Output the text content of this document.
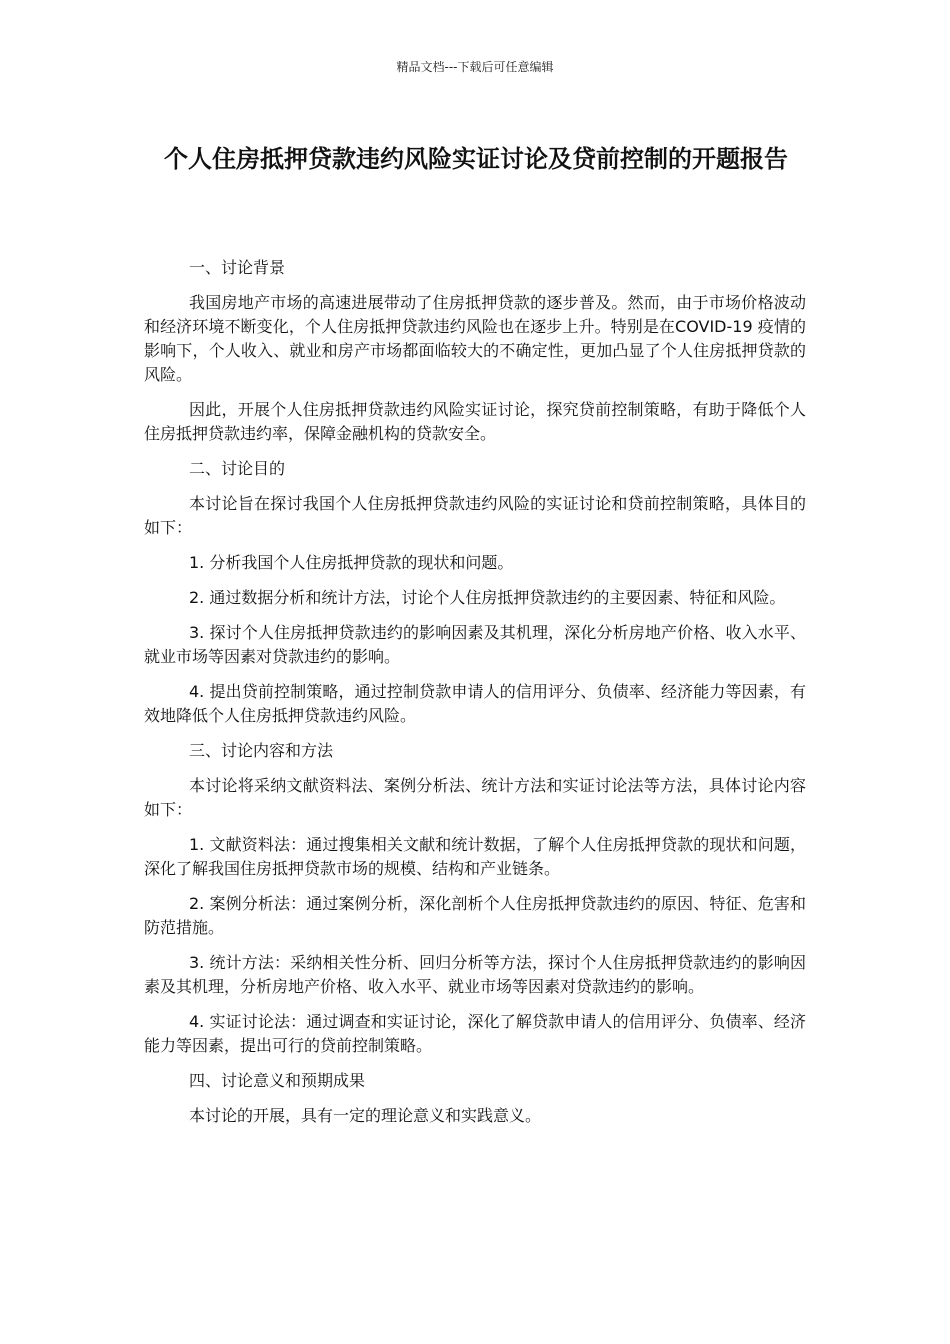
精品文档---下载后可任意编辑
个人住房抵押贷款违约风险实证讨论及贷前控制的开题报告

一、讨论背景

我国房地产市场的高速进展带动了住房抵押贷款的逐步普及。然而，由于市场价格波动和经济环境不断变化，个人住房抵押贷款违约风险也在逐步上升。特别是在COVID-19 疫情的影响下，个人收入、就业和房产市场都面临较大的不确定性，更加凸显了个人住房抵押贷款的风险。

因此，开展个人住房抵押贷款违约风险实证讨论，探究贷前控制策略，有助于降低个人住房抵押贷款违约率，保障金融机构的贷款安全。

二、讨论目的

本讨论旨在探讨我国个人住房抵押贷款违约风险的实证讨论和贷前控制策略，具体目的如下：

1. 分析我国个人住房抵押贷款的现状和问题。

2. 通过数据分析和统计方法，讨论个人住房抵押贷款违约的主要因素、特征和风险。

3. 探讨个人住房抵押贷款违约的影响因素及其机理，深化分析房地产价格、收入水平、就业市场等因素对贷款违约的影响。

4. 提出贷前控制策略，通过控制贷款申请人的信用评分、负债率、经济能力等因素，有效地降低个人住房抵押贷款违约风险。

三、讨论内容和方法

本讨论将采纳文献资料法、案例分析法、统计方法和实证讨论法等方法，具体讨论内容如下：

1. 文献资料法：通过搜集相关文献和统计数据，了解个人住房抵押贷款的现状和问题，深化了解我国住房抵押贷款市场的规模、结构和产业链条。

2. 案例分析法：通过案例分析，深化剖析个人住房抵押贷款违约的原因、特征、危害和防范措施。

3. 统计方法：采纳相关性分析、回归分析等方法，探讨个人住房抵押贷款违约的影响因素及其机理，分析房地产价格、收入水平、就业市场等因素对贷款违约的影响。

4. 实证讨论法：通过调查和实证讨论，深化了解贷款申请人的信用评分、负债率、经济能力等因素，提出可行的贷前控制策略。

四、讨论意义和预期成果

本讨论的开展，具有一定的理论意义和实践意义。
